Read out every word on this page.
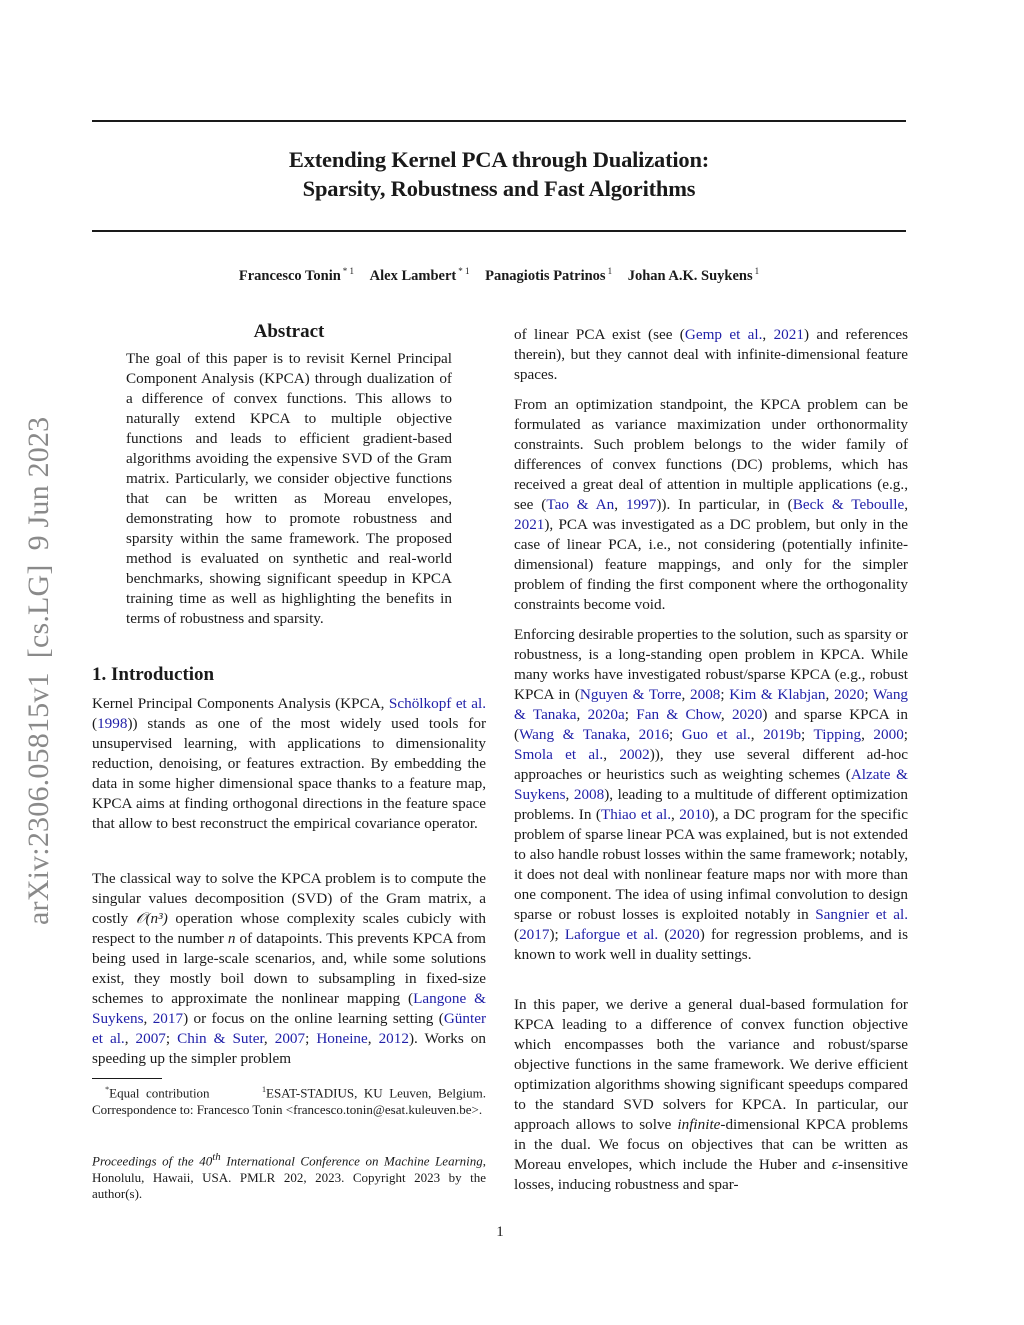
Extending Kernel PCA through Dualization:
Sparsity, Robustness and Fast Algorithms
Francesco Tonin $^{* 1}$ Alex Lambert $^{* 1}$ Panagiotis Patrinos $^1$ Johan A.K. Suykens $^1$
arXiv:2306.05815v1[cs.LG]9 Jun 2023
Abstract
The goal of this paper is to revisit Kernel Principal Component Analysis (KPCA) through dualization of a difference of convex functions. This allows to naturally extend KPCA to multiple objective functions and leads to efficient gradient-based algorithms avoiding the expensive SVD of the Gram matrix. Particularly, we consider objective functions that can be written as Moreau envelopes, demonstrating how to promote robustness and sparsity within the same framework. The proposed method is evaluated on synthetic and real-world benchmarks, showing significant speedup in KPCA training time as well as highlighting the benefits in terms of robustness and sparsity.
1. Introduction

Kernel Principal Components Analysis (KPCA, Schölkopf et al. (1998)) stands as one of the most widely used tools for unsupervised learning, with applications to dimensionality reduction, denoising, or features extraction. By embedding the data in some higher dimensional space thanks to a feature map, KPCA aims at finding orthogonal directions in the feature space that allow to best reconstruct the empirical covariance operator.

The classical way to solve the KPCA problem is to compute the singular values decomposition (SVD) of the Gram matrix, a costly 𝒪(n³) operation whose complexity scales cubicly with respect to the number n of datapoints. This prevents KPCA from being used in large-scale scenarios, and, while some solutions exist, they mostly boil down to subsampling in fixed-size schemes to approximate the nonlinear mapping (Langone & Suykens, 2017) or focus on the online learning setting (Günter et al., 2007; Chin & Suter, 2007; Honeine, 2012). Works on speeding up the simpler problem

*Equal contribution	$^1$ESAT-STADIUS, KU Leuven, Belgium. Correspondence to: Francesco Tonin <francesco.tonin@esat.kuleuven.be>.
Proceedings of the 40th International Conference on Machine Learning, Honolulu, Hawaii, USA. PMLR 202, 2023. Copyright 2023 by the author(s).

of linear PCA exist (see (Gemp et al., 2021) and references therein), but they cannot deal with infinite-dimensional feature spaces.

From an optimization standpoint, the KPCA problem can be formulated as variance maximization under orthonormality constraints. Such problem belongs to the wider family of differences of convex functions (DC) problems, which has received a great deal of attention in multiple applications (e.g., see (Tao & An, 1997)). In particular, in (Beck & Teboulle, 2021), PCA was investigated as a DC problem, but only in the case of linear PCA, i.e., not considering (potentially infinite-dimensional) feature mappings, and only for the simpler problem of finding the first component where the orthogonality constraints become void.

Enforcing desirable properties to the solution, such as sparsity or robustness, is a long-standing open problem in KPCA. While many works have investigated robust/sparse KPCA (e.g., robust KPCA in (Nguyen & Torre, 2008; Kim & Klabjan, 2020; Wang & Tanaka, 2020a; Fan & Chow, 2020) and sparse KPCA in (Wang & Tanaka, 2016; Guo et al., 2019b; Tipping, 2000; Smola et al., 2002)), they use several different ad-hoc approaches or heuristics such as weighting schemes (Alzate & Suykens, 2008), leading to a multitude of different optimization problems. In (Thiao et al., 2010), a DC program for the specific problem of sparse linear PCA was explained, but is not extended to also handle robust losses within the same framework; notably, it does not deal with nonlinear feature maps nor with more than one component. The idea of using infimal convolution to design sparse or robust losses is exploited notably in Sangnier et al. (2017); Laforgue et al. (2020) for regression problems, and is known to work well in duality settings.

In this paper, we derive a general dual-based formulation for KPCA leading to a difference of convex function objective which encompasses both the variance and robust/sparse objective functions in the same framework. We derive efficient optimization algorithms showing significant speedups compared to the standard SVD solvers for KPCA. In particular, our approach allows to solve infinite-dimensional KPCA problems in the dual. We focus on objectives that can be written as Moreau envelopes, which include the Huber and ϵ-insensitive losses, inducing robustness and spar-

1
